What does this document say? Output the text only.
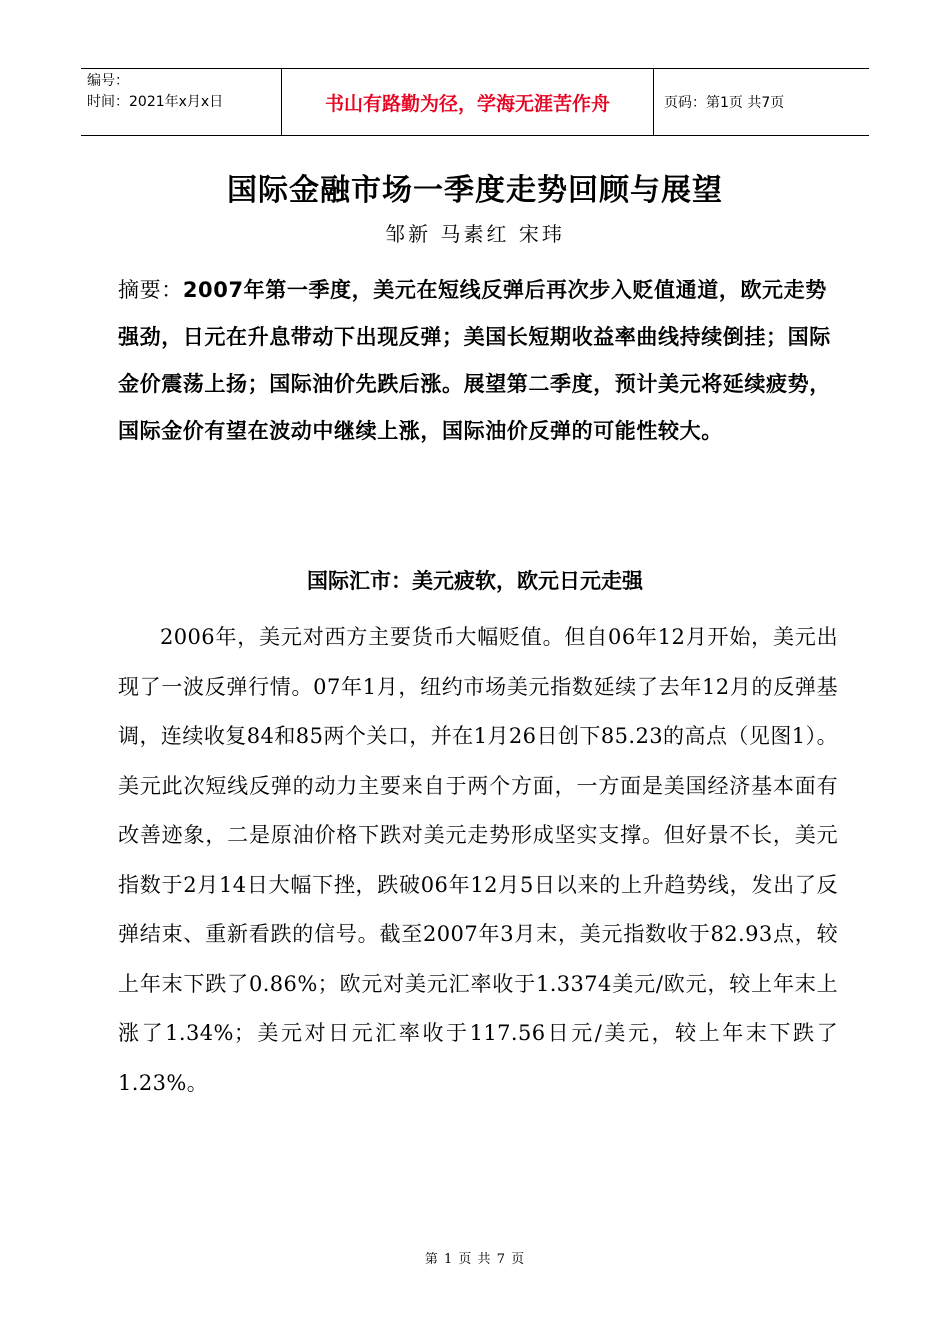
编号：
时间：2021年x月x日	书山有路勤为径，学海无涯苦作舟	页码：第1页 共7页
国际金融市场一季度走势回顾与展望
邹新 马素红 宋玮
摘要：2007年第一季度，美元在短线反弹后再次步入贬值通道，欧元走势强劲，日元在升息带动下出现反弹；美国长短期收益率曲线持续倒挂；国际金价震荡上扬；国际油价先跌后涨。展望第二季度，预计美元将延续疲势，国际金价有望在波动中继续上涨，国际油价反弹的可能性较大。
国际汇市：美元疲软，欧元日元走强
2006年，美元对西方主要货币大幅贬值。但自06年12月开始，美元出现了一波反弹行情。07年1月，纽约市场美元指数延续了去年12月的反弹基调，连续收复84和85两个关口，并在1月26日创下85.23的高点（见图1）。美元此次短线反弹的动力主要来自于两个方面，一方面是美国经济基本面有改善迹象，二是原油价格下跌对美元走势形成坚实支撑。但好景不长，美元指数于2月14日大幅下挫，跌破06年12月5日以来的上升趋势线，发出了反弹结束、重新看跌的信号。截至2007年3月末，美元指数收于82.93点，较上年末下跌了0.86%；欧元对美元汇率收于1.3374美元/欧元，较上年末上涨了1.34%；美元对日元汇率收于117.56日元/美元，较上年末下跌了1.23%。
第 1 页 共 7 页
